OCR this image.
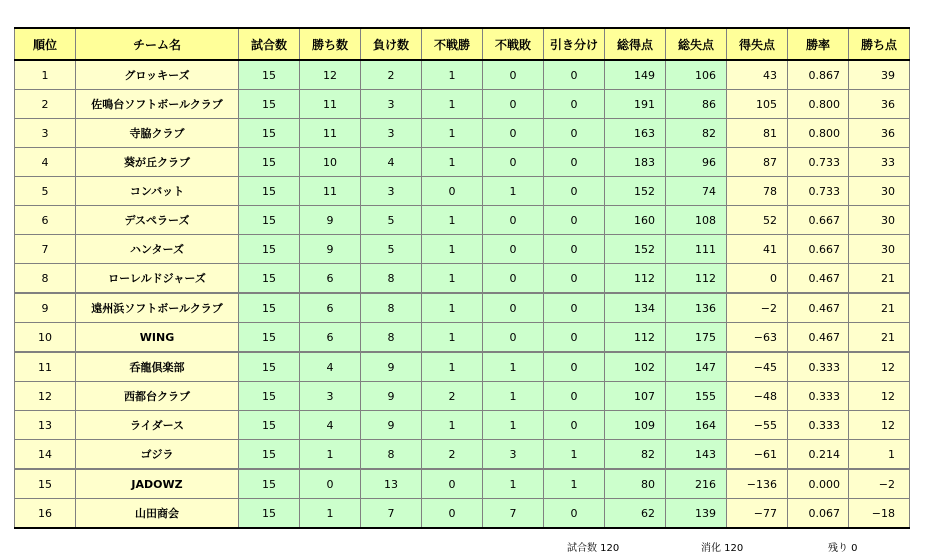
順位	チーム名	試合数	勝ち数	負け数	不戦勝	不戦敗	引き分け	総得点	総失点	得失点	勝率	勝ち点
1	グロッキーズ	15	12	2	1	0	0	149	106	43	0.867	39
2	佐鳴台ソフトボールクラブ	15	11	3	1	0	0	191	86	105	0.800	36
3	寺脇クラブ	15	11	3	1	0	0	163	82	81	0.800	36
4	葵が丘クラブ	15	10	4	1	0	0	183	96	87	0.733	33
5	コンバット	15	11	3	0	1	0	152	74	78	0.733	30
6	デスペラーズ	15	9	5	1	0	0	160	108	52	0.667	30
7	ハンターズ	15	9	5	1	0	0	152	111	41	0.667	30
8	ローレルドジャーズ	15	6	8	1	0	0	112	112	0	0.467	21
9	遠州浜ソフトボールクラブ	15	6	8	1	0	0	134	136	−2	0.467	21
10	WING	15	6	8	1	0	0	112	175	−63	0.467	21
11	呑龍倶楽部	15	4	9	1	1	0	102	147	−45	0.333	12
12	西都台クラブ	15	3	9	2	1	0	107	155	−48	0.333	12
13	ライダース	15	4	9	1	1	0	109	164	−55	0.333	12
14	ゴジラ	15	1	8	2	3	1	82	143	−61	0.214	1
15	JADOWZ	15	0	13	0	1	1	80	216	−136	0.000	−2
16	山田商会	15	1	7	0	7	0	62	139	−77	0.067	−18
試合数 120	消化 120	残り 0
